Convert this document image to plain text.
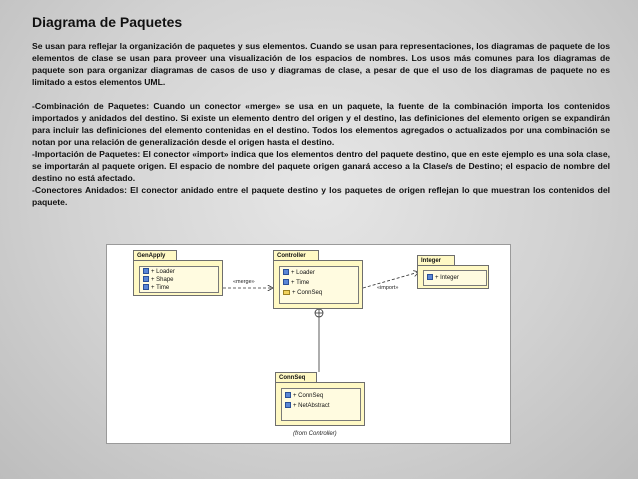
Diagrama de Paquetes

Se usan para reflejar la organización de paquetes y sus elementos. Cuando se usan para representaciones, los diagramas de paquete de los elementos de clase se usan para proveer una visualización de los espacios de nombres. Los usos más comunes para los diagramas de paquete son para organizar diagramas de casos de uso y diagramas de clase, a pesar de que el uso de los diagramas de paquete no es limitado a estos elementos UML.

-Combinación de Paquetes: Cuando un conector «merge» se usa en un paquete, la fuente de la combinación importa los contenidos importados y anidados del destino. Si existe un elemento dentro del origen y el destino, las definiciones del elemento origen se expandirán para incluir las definiciones del elemento contenidas en el destino. Todos los elementos agregados o actualizados por una combinación se notan por una relación de generalización desde el origen hasta el destino.

-Importación de Paquetes: El conector «import» indica que los elementos dentro del paquete destino, que en este ejemplo es una sola clase, se importarán al paquete origen. El espacio de nombre del paquete origen ganará acceso a la Clase/s de Destino; el espacio de nombre del destino no está afectado.

-Conectores Anidados: El conector anidado entre el paquete destino y los paquetes de origen reflejan lo que muestran los contenidos del paquete.

GenApply
+ Loader
+ Shape
+ Time
Controller
+ Loader
+ Time
+ ConnSeq
Integer
+ Integer
ConnSeq
+ ConnSeq
+ NetAbstract
«merge»
«import»
(from Controller)
